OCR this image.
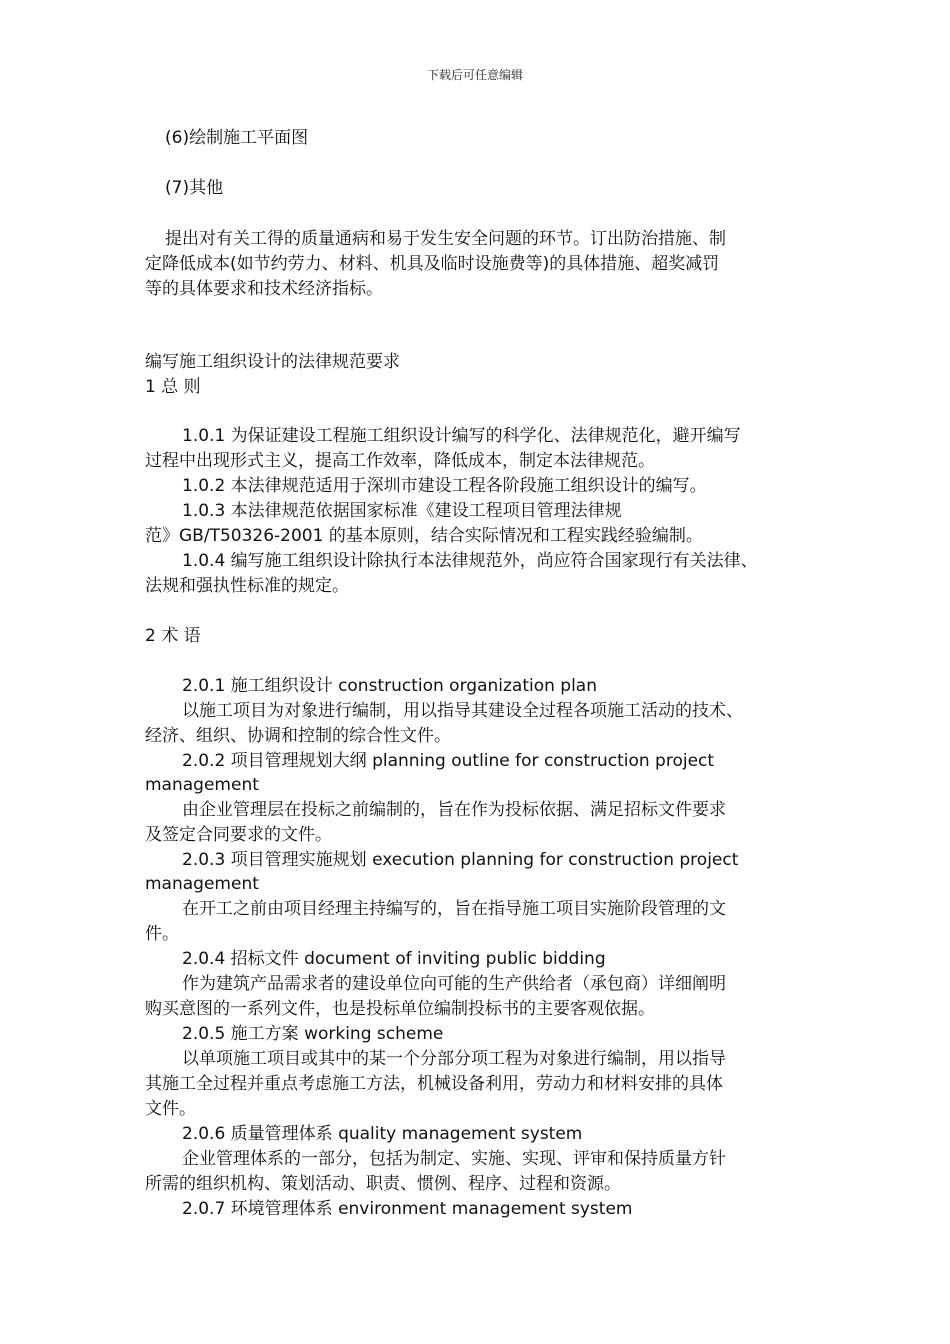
下载后可任意编辑
(6)绘制施工平面图
(7)其他
提出对有关工得的质量通病和易于发生安全问题的环节。订出防治措施、制
定降低成本(如节约劳力、材料、机具及临时设施费等)的具体措施、超奖减罚
等的具体要求和技术经济指标。
编写施工组织设计的法律规范要求
1 总 则
1.0.1 为保证建设工程施工组织设计编写的科学化、法律规范化，避开编写
过程中出现形式主义，提高工作效率，降低成本，制定本法律规范。
1.0.2 本法律规范适用于深圳市建设工程各阶段施工组织设计的编写。
1.0.3 本法律规范依据国家标准《建设工程项目管理法律规
范》GB/T50326-2001 的基本原则，结合实际情况和工程实践经验编制。
1.0.4 编写施工组织设计除执行本法律规范外，尚应符合国家现行有关法律、
法规和强执性标准的规定。
2 术 语
2.0.1 施工组织设计 construction organization plan
以施工项目为对象进行编制，用以指导其建设全过程各项施工活动的技术、
经济、组织、协调和控制的综合性文件。
2.0.2 项目管理规划大纲 planning outline for construction project
management
由企业管理层在投标之前编制的，旨在作为投标依据、满足招标文件要求
及签定合同要求的文件。
2.0.3 项目管理实施规划 execution planning for construction project
management
在开工之前由项目经理主持编写的，旨在指导施工项目实施阶段管理的文
件。
2.0.4 招标文件 document of inviting public bidding
作为建筑产品需求者的建设单位向可能的生产供给者（承包商）详细阐明
购买意图的一系列文件，也是投标单位编制投标书的主要客观依据。
2.0.5 施工方案 working scheme
以单项施工项目或其中的某一个分部分项工程为对象进行编制，用以指导
其施工全过程并重点考虑施工方法，机械设备利用，劳动力和材料安排的具体
文件。
2.0.6 质量管理体系 quality management system
企业管理体系的一部分，包括为制定、实施、实现、评审和保持质量方针
所需的组织机构、策划活动、职责、惯例、程序、过程和资源。
2.0.7 环境管理体系 environment management system
